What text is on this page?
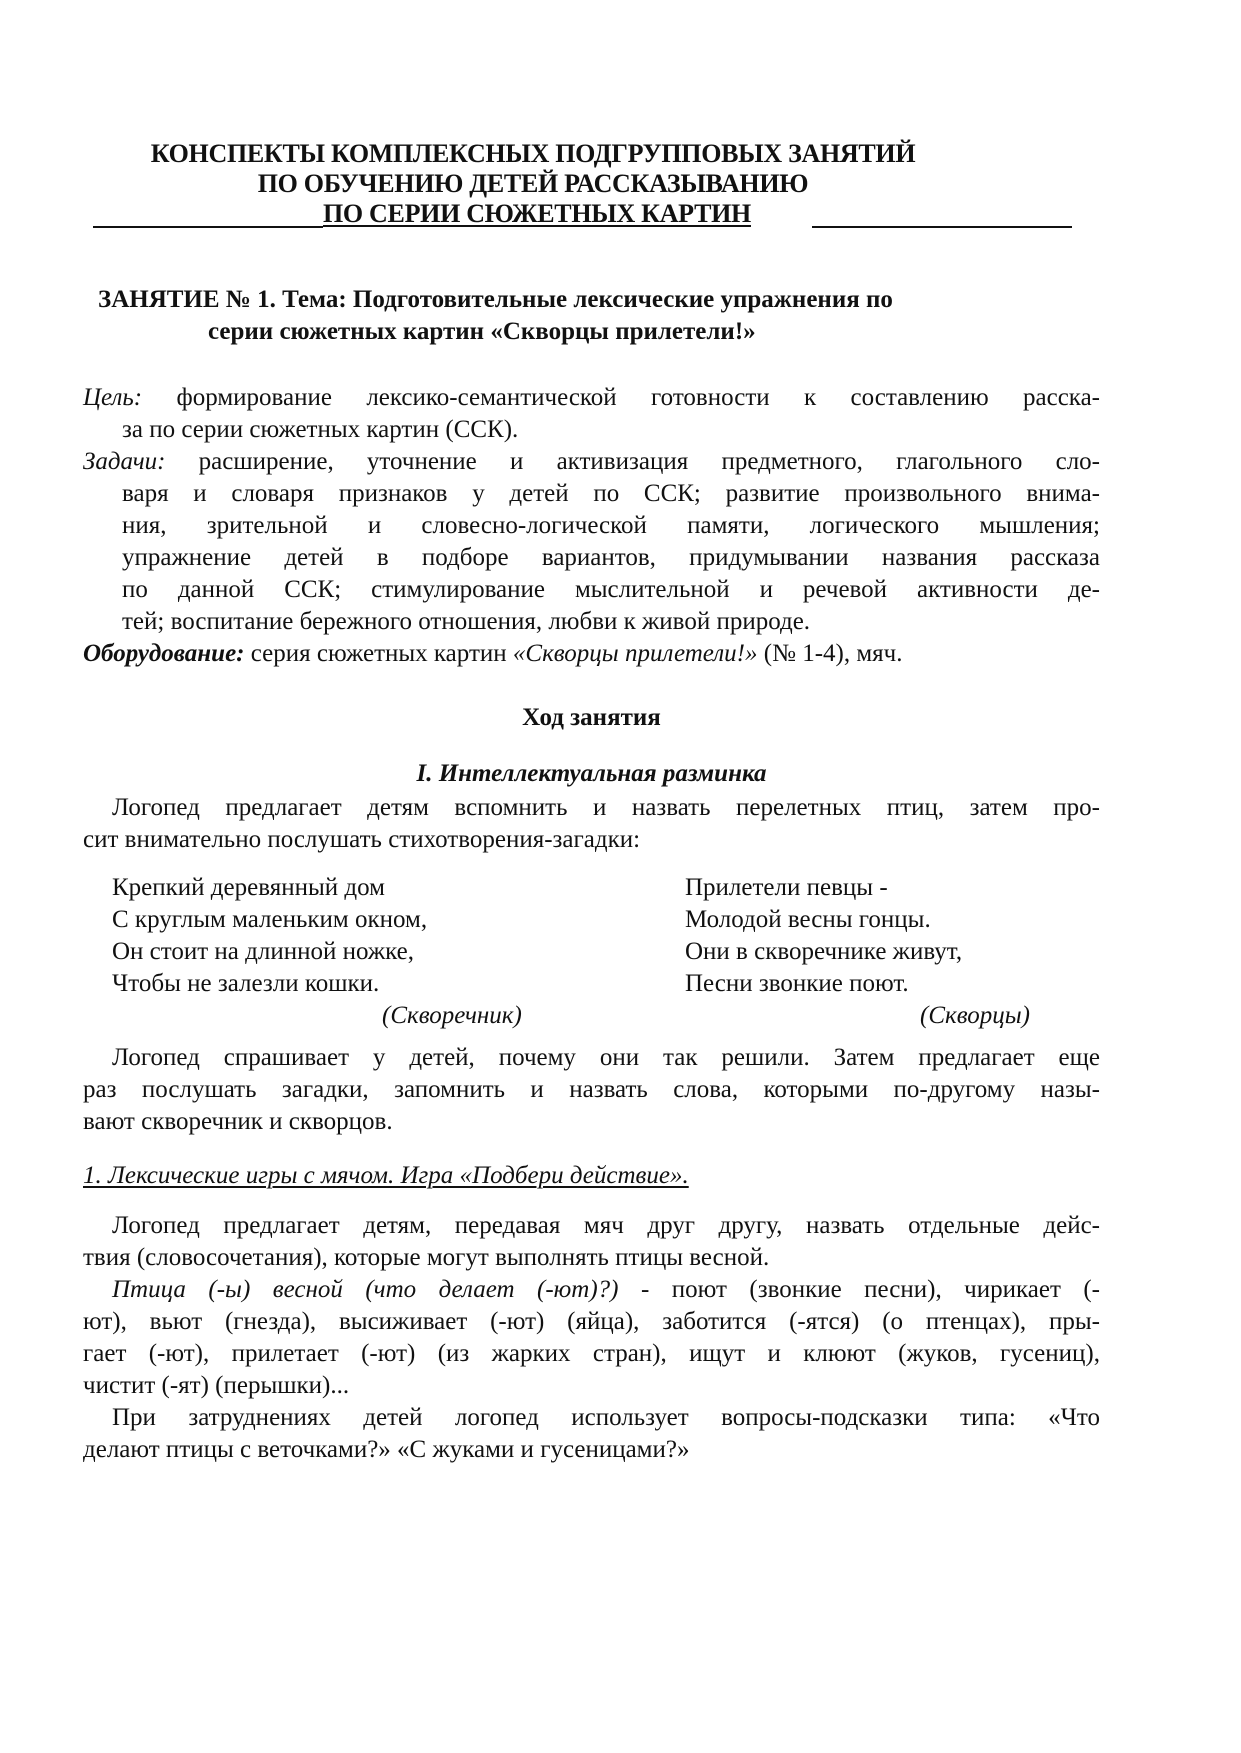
КОНСПЕКТЫ КОМПЛЕКСНЫХ ПОДГРУППОВЫХ ЗАНЯТИЙ
ПО ОБУЧЕНИЮ ДЕТЕЙ РАССКАЗЫВАНИЮ
ПО СЕРИИ СЮЖЕТНЫХ КАРТИН
ЗАНЯТИЕ № 1. Тема: Подготовительные лексические упражнения по
серии сюжетных картин «Скворцы прилетели!»
Цель: формирование лексико-семантической готовности к составлению расска-
за по серии сюжетных картин (ССК).
Задачи: расширение, уточнение и активизация предметного, глагольного сло-
варя и словаря признаков у детей по ССК; развитие произвольного внима-
ния, зрительной и словесно-логической памяти, логического мышления;
упражнение детей в подборе вариантов, придумывании названия рассказа
по данной ССК; стимулирование мыслительной и речевой активности де-
тей; воспитание бережного отношения, любви к живой природе.
Оборудование: серия сюжетных картин «Скворцы прилетели!» (№ 1-4), мяч.
Ход занятия
I. Интеллектуальная разминка
Логопед предлагает детям вспомнить и назвать перелетных птиц, затем про-
сит внимательно послушать стихотворения-загадки:
Крепкий деревянный дом
С круглым маленьким окном,
Он стоит на длинной ножке,
Чтобы не залезли кошки.
(Скворечник)
Прилетели певцы -
Молодой весны гонцы.
Они в скворечнике живут,
Песни звонкие поют.
(Скворцы)
Логопед спрашивает у детей, почему они так решили. Затем предлагает еще
раз послушать загадки, запомнить и назвать слова, которыми по-другому назы-
вают скворечник и скворцов.
1. Лексические игры с мячом. Игра «Подбери действие».
Логопед предлагает детям, передавая мяч друг другу, назвать отдельные дейс-
твия (словосочетания), которые могут выполнять птицы весной.
Птица (-ы) весной (что делает (-ют)?) - поют (звонкие песни), чирикает (-
ют), вьют (гнезда), высиживает (-ют) (яйца), заботится (-ятся) (о птенцах), пры-
гает (-ют), прилетает (-ют) (из жарких стран), ищут и клюют (жуков, гусениц),
чистит (-ят) (перышки)...
При затруднениях детей логопед использует вопросы-подсказки типа: «Что
делают птицы с веточками?» «С жуками и гусеницами?»
